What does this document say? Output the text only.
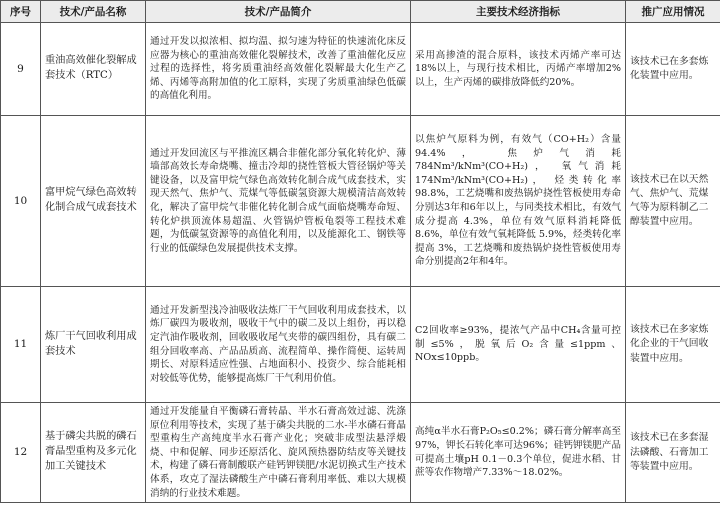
序号	技术/产品名称	技术/产品简介	主要技术经济指标	推广应用情况
9	重油高效催化裂解成套技术（RTC）	通过开发以拟浓相、拟均温、拟匀速为特征的快速流化床反应器为核心的重油高效催化裂解技术，改善了重油催化反应过程的选择性，将劣质重油经高效催化裂解最大化生产乙烯、丙烯等高附加值的化工原料，实现了劣质重油绿色低碳的高值化利用。	采用高掺渣的混合原料，该技术丙烯产率可达18%以上，与现行技术相比，丙烯产率增加2%以上，生产丙烯的碳排放降低约20%。	该技术已在多套炼化装置中应用。
10	富甲烷气绿色高效转化制合成气成套技术	通过开发回流区与平推流区耦合非催化部分氧化转化炉、薄墙部高效长寿命烧嘴、撞击冷却的挠性管板大管径锅炉等关键设备，以及富甲烷气绿色高效转化制合成气成套技术，实现天然气、焦炉气、荒煤气等低碳氢资源大规模清洁高效转化，解决了富甲烷气非催化转化制合成气面临烧嘴寿命短、转化炉拱顶流体易超温、火管锅炉管板龟裂等工程技术难题，为低碳氢资源等的高值化利用，以及能源化工、钢铁等行业的低碳绿色发展提供技术支撑。	以焦炉气原料为例，有效气（CO+H₂）含量 94.4%， 焦炉气消耗 784Nm³/kNm³(CO+H₂)， 氧气消耗 174Nm³/kNm³(CO+H₂)， 烃类转化率 98.8%，工艺烧嘴和废热锅炉挠性管板使用寿命分别达3年和6年以上，与同类技术相比，有效气成分提高 4.3%，单位有效气原料消耗降低 8.6%，单位有效气氧耗降低 5.9%，烃类转化率提高 3%，工艺烧嘴和废热锅炉挠性管板使用寿命分别提高2年和4年。	该技术已在以天然气、焦炉气、荒煤气等为原料制乙二醇装置中应用。
11	炼厂干气回收利用成套技术	通过开发新型浅冷油吸收法炼厂干气回收利用成套技术，以炼厂碳四为吸收剂，吸收干气中的碳二及以上组份，再以稳定汽油作吸收剂，回收吸收尾气夹带的碳四组份，具有碳二组分回收率高、产品品质高、流程简单、操作简便、运转周期长、对原料适应性强、占地面积小、投资少、综合能耗相对较低等优势，能够提高炼厂干气利用价值。	C2回收率≥93%，提浓气产品中CH₄含量可控制≤5%，脱氧后O₂含量≤1ppm、NOx≤10ppb。	该技术已在多家炼化企业的干气回收装置中应用。
12	基于磷尖共脱的磷石膏晶型重构及多元化加工关键技术	通过开发能量自平衡磷石膏转晶、半水石膏高效过滤、洗涤原位利用等技术，实现了基于磷尖共脱的二水-半水磷石膏晶型重构生产高纯度半水石膏产业化；突破非成型法悬浮煅烧、中和促解、同步还原活化、旋风预热器防结皮等关键技术，构建了磷石膏制酸联产硅钙钾镁肥/水泥切换式生产技术体系，攻克了湿法磷酸生产中磷石膏利用率低、难以大规模消纳的行业技术难题。	高纯α半水石膏P₂O₅≤0.2%；磷石膏分解率高至97%，钾长石转化率可达96%；硅钙钾镁肥产品可提高土壤pH 0.1－0.3个单位，促进水稻、甘蔗等农作物增产7.33%～18.02%。	该技术已在多套湿法磷酸、石膏加工等装置中应用。
